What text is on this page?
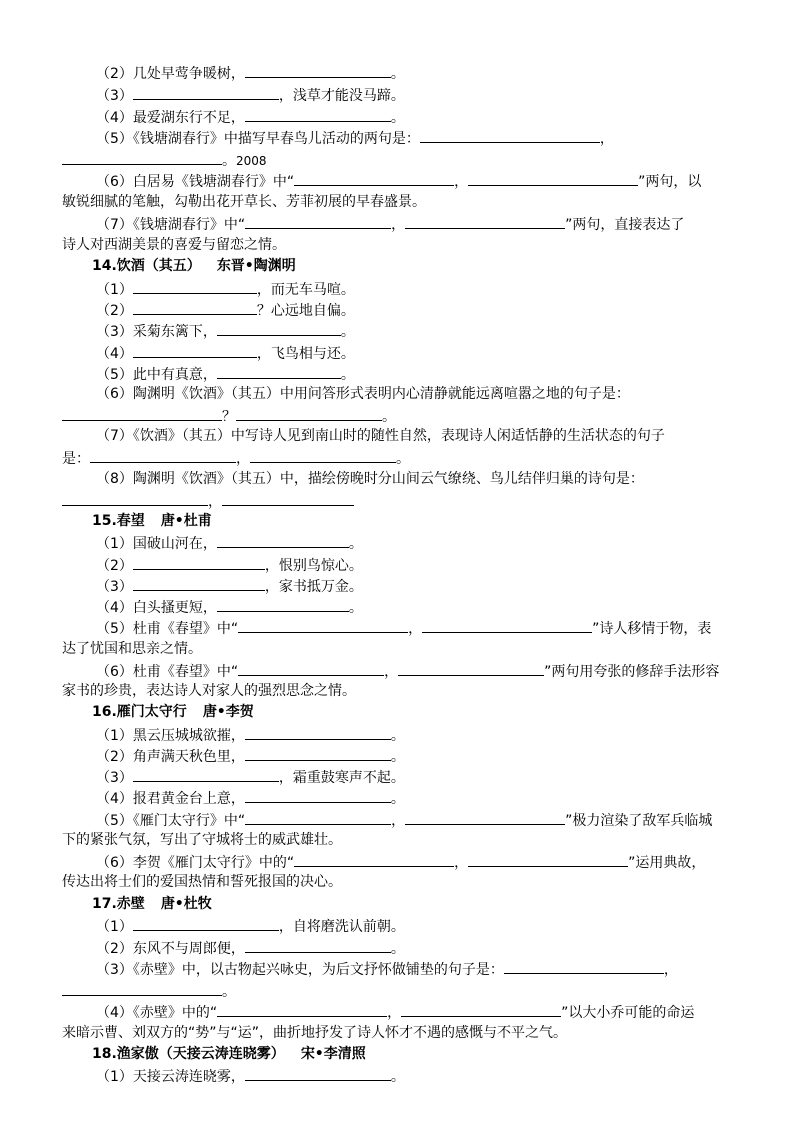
（2）几处早莺争暖树，	。
（3）	，浅草才能没马蹄。
（4）最爱湖东行不足，	。
（5）《钱塘湖春行》中描写早春鸟儿活动的两句是：	，
。2008
（6）白居易《钱塘湖春行》中“	，	”两句，以
敏锐细腻的笔触，勾勒出花开草长、芳菲初展的早春盛景。
（7）《钱塘湖春行》中“	，	”两句，直接表达了
诗人对西湖美景的喜爱与留恋之情。
14.饮酒（其五） 东晋•陶渊明
（1）	，而无车马喧。
（2）	？心远地自偏。
（3）采菊东篱下，	。
（4）	，飞鸟相与还。
（5）此中有真意，	。
（6）陶渊明《饮酒》（其五）中用问答形式表明内心清静就能远离喧嚣之地的句子是：
？	。
（7）《饮酒》（其五）中写诗人见到南山时的随性自然，表现诗人闲适恬静的生活状态的句子
是：	，	。
（8）陶渊明《饮酒》（其五）中，描绘傍晚时分山间云气缭绕、鸟儿结伴归巢的诗句是：
，
15.春望 唐•杜甫
（1）国破山河在，	。
（2）	，恨别鸟惊心。
（3）	，家书抵万金。
（4）白头搔更短，	。
（5）杜甫《春望》中“	，	”诗人移情于物，表
达了忧国和思亲之情。
（6）杜甫《春望》中“	，	”两句用夸张的修辞手法形容
家书的珍贵，表达诗人对家人的强烈思念之情。
16.雁门太守行 唐•李贺
（1）黑云压城城欲摧，	。
（2）角声满天秋色里，	。
（3）	，霜重鼓寒声不起。
（4）报君黄金台上意，	。
（5）《雁门太守行》中“	，	”极力渲染了敌军兵临城
下的紧张气氛，写出了守城将士的威武雄壮。
（6）李贺《雁门太守行》中的“	，	”运用典故，
传达出将士们的爱国热情和誓死报国的决心。
17.赤壁 唐•杜牧
（1）	，自将磨洗认前朝。
（2）东风不与周郎便，	。
（3）《赤壁》中，以古物起兴咏史，为后文抒怀做铺垫的句子是：	，
。
（4）《赤壁》中的“	，	”以大小乔可能的命运
来暗示曹、刘双方的“势”与“运”，曲折地抒发了诗人怀才不遇的感慨与不平之气。
18.渔家傲（天接云涛连晓雾） 宋•李清照
（1）天接云涛连晓雾，	。
